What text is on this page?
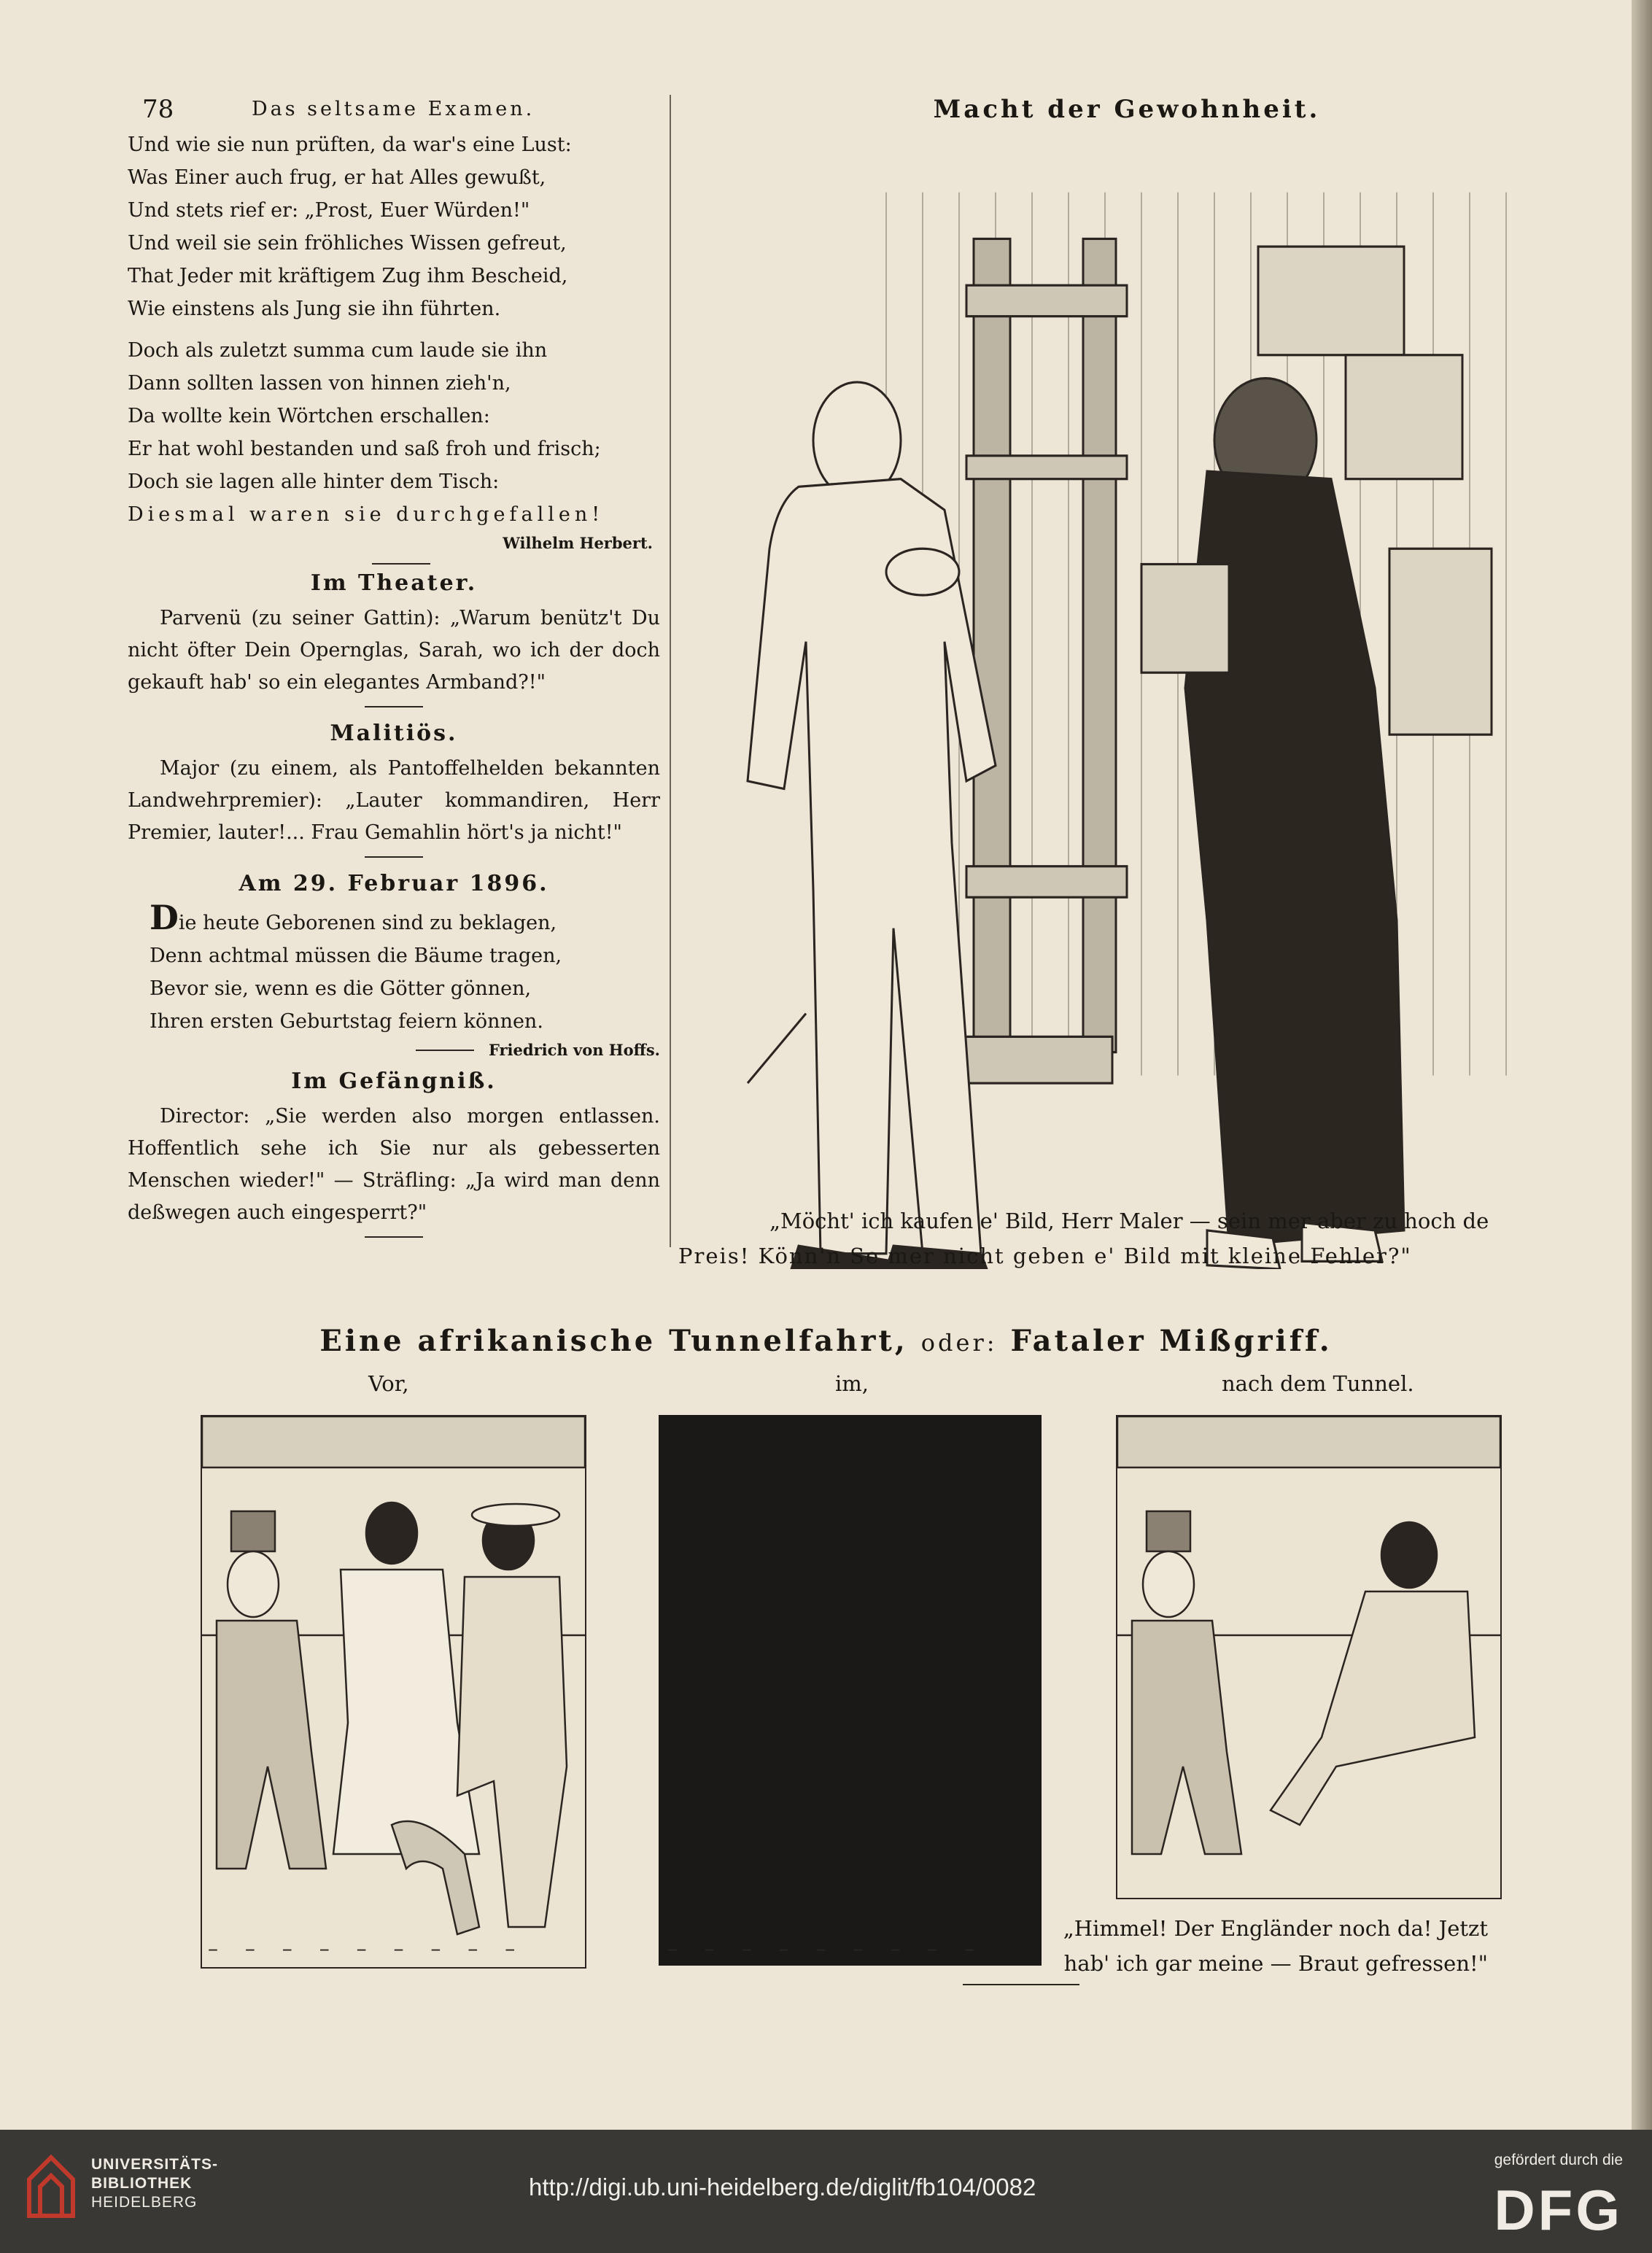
78	Das seltsame Examen.

Und wie sie nun prüften, da war's eine Lust:

Was Einer auch frug, er hat Alles gewußt,

Und stets rief er: „Prost, Euer Würden!"

Und weil sie sein fröhliches Wissen gefreut,

That Jeder mit kräftigem Zug ihm Bescheid,

Wie einstens als Jung sie ihn führten.

Doch als zuletzt summa cum laude sie ihn

Dann sollten lassen von hinnen zieh'n,

Da wollte kein Wörtchen erschallen:

Er hat wohl bestanden und saß froh und frisch;

Doch sie lagen alle hinter dem Tisch:

Diesmal waren sie durchgefallen!

Wilhelm Herbert.
Im Theater.

Parvenü (zu seiner Gattin): „Warum benütz't Du nicht öfter Dein Opernglas, Sarah, wo ich der doch gekauft hab' so ein elegantes Armband?!"

Malitiös.

Major (zu einem, als Pantoffelhelden bekannten Landwehrpremier): „Lauter kommandiren, Herr Premier, lauter!... Frau Gemahlin hört's ja nicht!"

Am 29. Februar 1896.

Die heute Geborenen sind zu beklagen,

Denn achtmal müssen die Bäume tragen,

Bevor sie, wenn es die Götter gönnen,

Ihren ersten Geburtstag feiern können.

Friedrich von Hoffs.
Im Gefängniß.

Director: „Sie werden also morgen entlassen. Hoffentlich sehe ich Sie nur als gebesserten Menschen wieder!" — Sträfling: „Ja wird man denn deßwegen auch eingesperrt?"

Macht der Gewohnheit.
„Möcht' ich kaufen e' Bild, Herr Maler — sein mer aber zu hoch de
Preis! Könn'n Se mer nicht geben e' Bild mit kleine Fehler?"
Eine afrikanische Tunnelfahrt, oder: Fataler Mißgriff.
Vor,	im,	nach dem Tunnel.
– – – – – – – – –	– – – – – – – – –
„Himmel! Der Engländer noch da! Jetzt
hab' ich gar meine — Braut gefressen!"
UNIVERSITÄTS-
BIBLIOTHEK
HEIDELBERG
http://digi.ub.uni-heidelberg.de/diglit/fb104/0082
gefördert durch die
DFG
